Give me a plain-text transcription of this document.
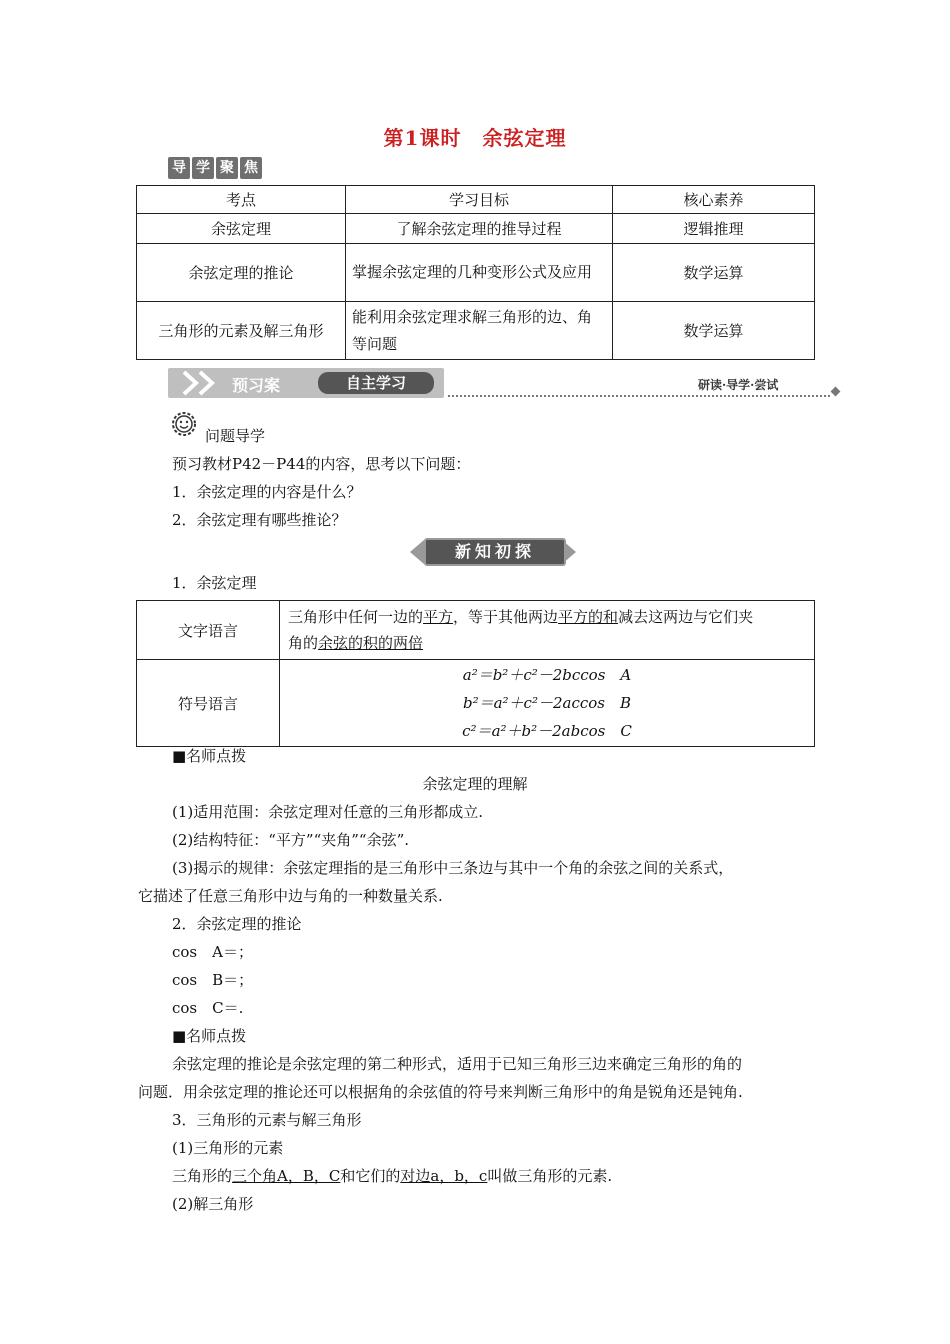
第1课时　余弦定理
导 学 聚 焦
考点	学习目标	核心素养
余弦定理	了解余弦定理的推导过程	逻辑推理
余弦定理的推论	掌握余弦定理的几种变形公式及应用	数学运算
三角形的元素及解三角形	能利用余弦定理求解三角形的边、角等问题	数学运算
预习案	自主学习	研读·导学·尝试
问题导学
预习教材P42－P44的内容，思考以下问题：
1．余弦定理的内容是什么？
2．余弦定理有哪些推论？
新知初探
1．余弦定理
文字语言	三角形中任何一边的平方，等于其他两边平方的和减去这两边与它们夹
角的余弦的积的两倍
符号语言	a²＝b²＋c²－2bccos　A
b²＝a²＋c²－2accos　B
c²＝a²＋b²－2abcos　C
■名师点拨
余弦定理的理解
(1)适用范围：余弦定理对任意的三角形都成立.
(2)结构特征：“平方”“夹角”“余弦”.
(3)揭示的规律：余弦定理指的是三角形中三条边与其中一个角的余弦之间的关系式，
它描述了任意三角形中边与角的一种数量关系.
2．余弦定理的推论
cos　A＝；
cos　B＝；
cos　C＝.
■名师点拨
余弦定理的推论是余弦定理的第二种形式，适用于已知三角形三边来确定三角形的角的
问题．用余弦定理的推论还可以根据角的余弦值的符号来判断三角形中的角是锐角还是钝角.
3．三角形的元素与解三角形
(1)三角形的元素
三角形的三个角A，B，C和它们的对边a，b，c叫做三角形的元素.
(2)解三角形
